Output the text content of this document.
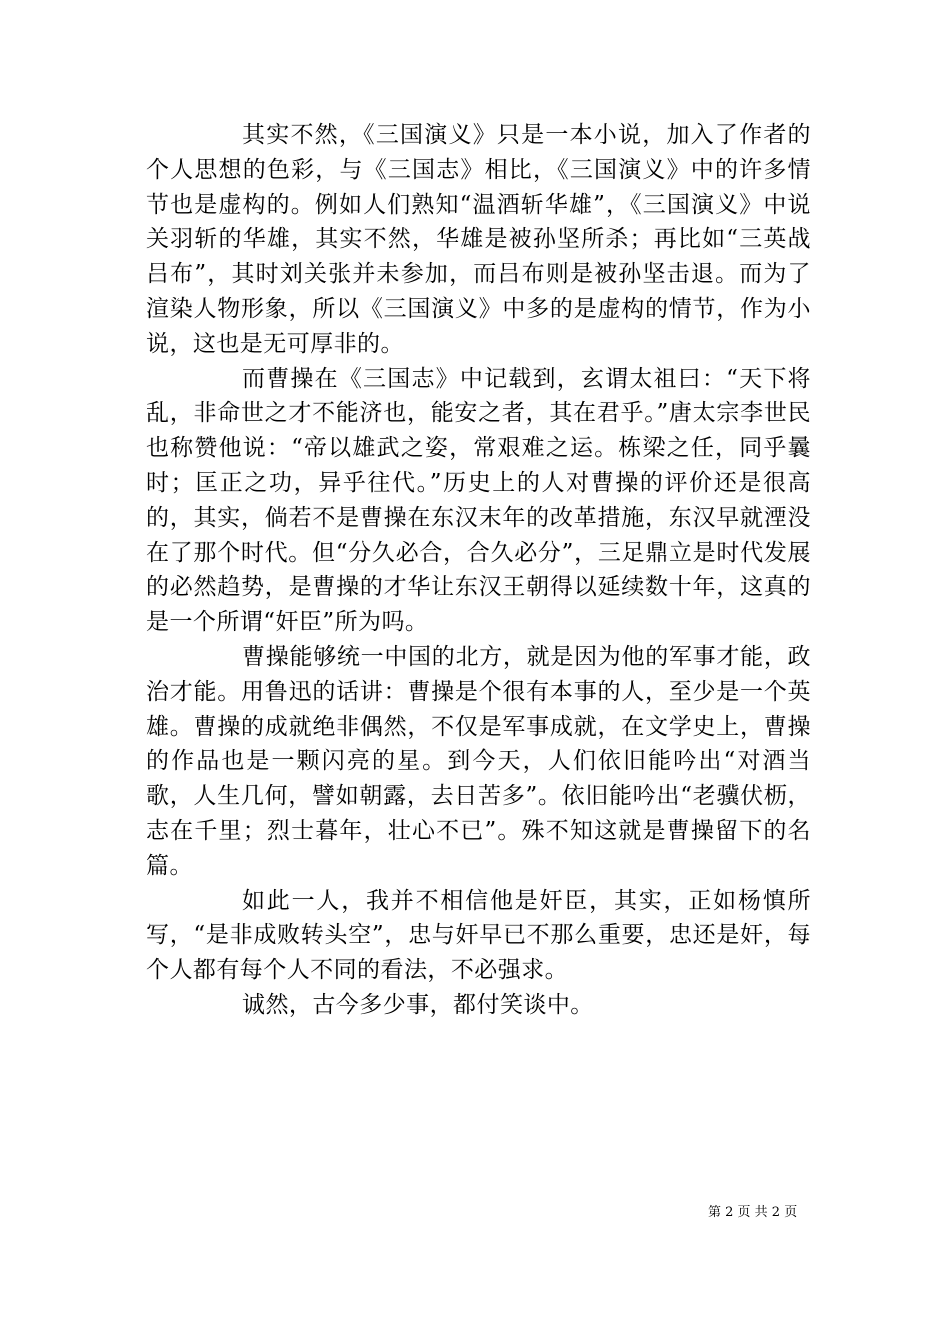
其实不然，《三国演义》只是一本小说，加入了作者的个人思想的色彩，与《三国志》相比，《三国演义》中的许多情节也是虚构的。例如人们熟知“温酒斩华雄”，《三国演义》中说关羽斩的华雄，其实不然，华雄是被孙坚所杀；再比如“三英战吕布”，其时刘关张并未参加，而吕布则是被孙坚击退。而为了渲染人物形象，所以《三国演义》中多的是虚构的情节，作为小说，这也是无可厚非的。

而曹操在《三国志》中记载到，玄谓太祖曰：“天下将乱，非命世之才不能济也，能安之者，其在君乎。”唐太宗李世民也称赞他说：“帝以雄武之姿，常艰难之运。栋梁之任，同乎曩时；匡正之功，异乎往代。”历史上的人对曹操的评价还是很高的，其实，倘若不是曹操在东汉末年的改革措施，东汉早就湮没在了那个时代。但“分久必合，合久必分”，三足鼎立是时代发展的必然趋势，是曹操的才华让东汉王朝得以延续数十年，这真的是一个所谓“奸臣”所为吗。

曹操能够统一中国的北方，就是因为他的军事才能，政治才能。用鲁迅的话讲：曹操是个很有本事的人，至少是一个英雄。曹操的成就绝非偶然，不仅是军事成就，在文学史上，曹操的作品也是一颗闪亮的星。到今天，人们依旧能吟出“对酒当歌，人生几何，譬如朝露，去日苦多”。依旧能吟出“老骥伏枥，志在千里；烈士暮年，壮心不已”。殊不知这就是曹操留下的名篇。

如此一人，我并不相信他是奸臣，其实，正如杨慎所写，“是非成败转头空”，忠与奸早已不那么重要，忠还是奸，每个人都有每个人不同的看法，不必强求。

诚然，古今多少事，都付笑谈中。

第 2 页 共 2 页
